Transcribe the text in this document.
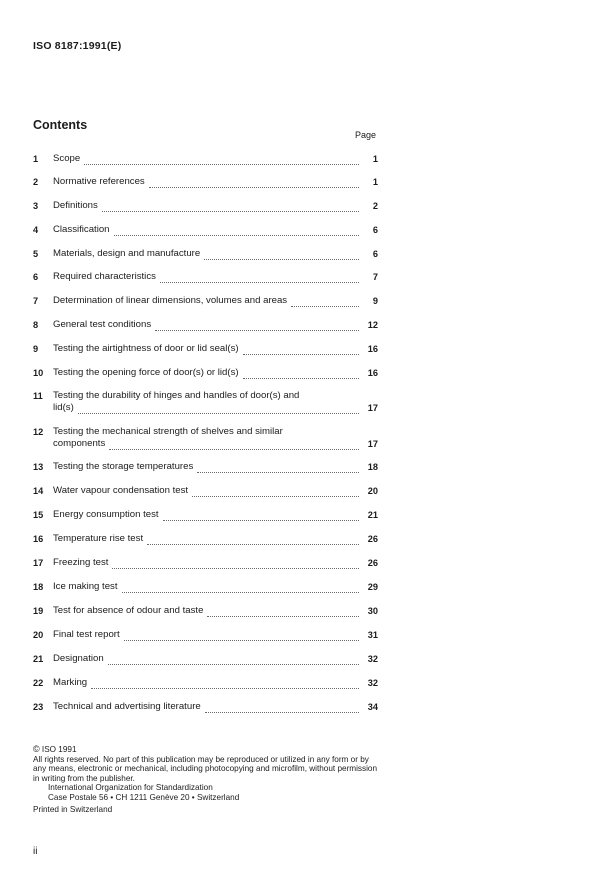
ISO 8187:1991(E)
Contents
Page
1	Scope	1
2	Normative references	1
3	Definitions	2
4	Classification	6
5	Materials, design and manufacture	6
6	Required characteristics	7
7	Determination of linear dimensions, volumes and areas	9
8	General test conditions	12
9	Testing the airtightness of door or lid seal(s)	16
10	Testing the opening force of door(s) or lid(s)	16
11	Testing the durability of hinges and handles of door(s) and
lid(s)	17
12	Testing the mechanical strength of shelves and similar
components	17
13	Testing the storage temperatures	18
14	Water vapour condensation test	20
15	Energy consumption test	21
16	Temperature rise test	26
17	Freezing test	26
18	Ice making test	29
19	Test for absence of odour and taste	30
20	Final test report	31
21	Designation	32
22	Marking	32
23	Technical and advertising literature	34
© ISO 1991
All rights reserved. No part of this publication may be reproduced or utilized in any form or by any means, electronic or mechanical, including photocopying and microfilm, without permission in writing from the publisher.
International Organization for Standardization
Case Postale 56 • CH 1211 Genève 20 • Switzerland
Printed in Switzerland
ii
